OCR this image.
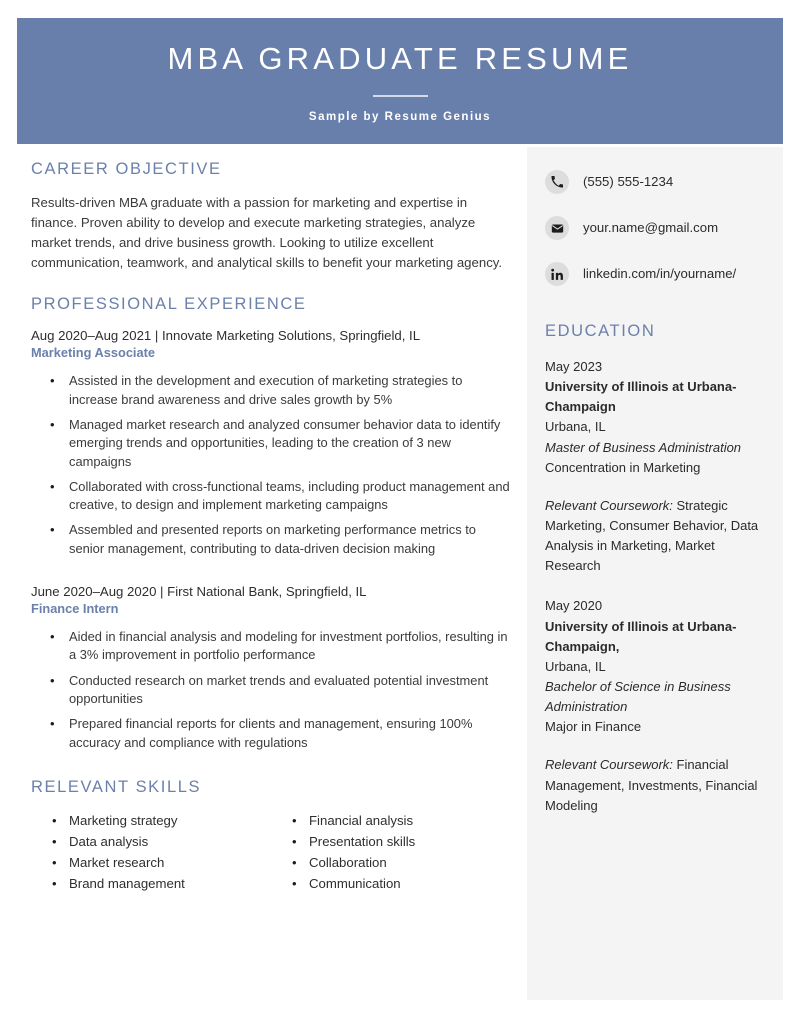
MBA GRADUATE RESUME

Sample by Resume Genius

CAREER OBJECTIVE

Results-driven MBA graduate with a passion for marketing and expertise in finance. Proven ability to develop and execute marketing strategies, analyze market trends, and drive business growth. Looking to utilize excellent communication, teamwork, and analytical skills to benefit your marketing agency.

PROFESSIONAL EXPERIENCE

Aug 2020–Aug 2021 | Innovate Marketing Solutions, Springfield, IL

Marketing Associate

• Assisted in the development and execution of marketing strategies to increase brand awareness and drive sales growth by 5%
• Managed market research and analyzed consumer behavior data to identify emerging trends and opportunities, leading to the creation of 3 new campaigns
• Collaborated with cross-functional teams, including product management and creative, to design and implement marketing campaigns
• Assembled and presented reports on marketing performance metrics to senior management, contributing to data-driven decision making

June 2020–Aug 2020 | First National Bank, Springfield, IL

Finance Intern

• Aided in financial analysis and modeling for investment portfolios, resulting in a 3% improvement in portfolio performance
• Conducted research on market trends and evaluated potential investment opportunities
• Prepared financial reports for clients and management, ensuring 100% accuracy and compliance with regulations
RELEVANT SKILLS
• Marketing strategy
• Data analysis
• Market research
• Brand management
• Financial analysis
• Presentation skills
• Collaboration
• Communication
(555) 555-1234
your.name@gmail.com
linkedin.com/in/yourname/
EDUCATION

May 2023

University of Illinois at Urbana-Champaign

Urbana, IL

Master of Business Administration

Concentration in Marketing

Relevant Coursework: Strategic Marketing, Consumer Behavior, Data Analysis in Marketing, Market Research

May 2020

University of Illinois at Urbana-Champaign,

Urbana, IL

Bachelor of Science in Business Administration

Major in Finance

Relevant Coursework: Financial Management, Investments, Financial Modeling
